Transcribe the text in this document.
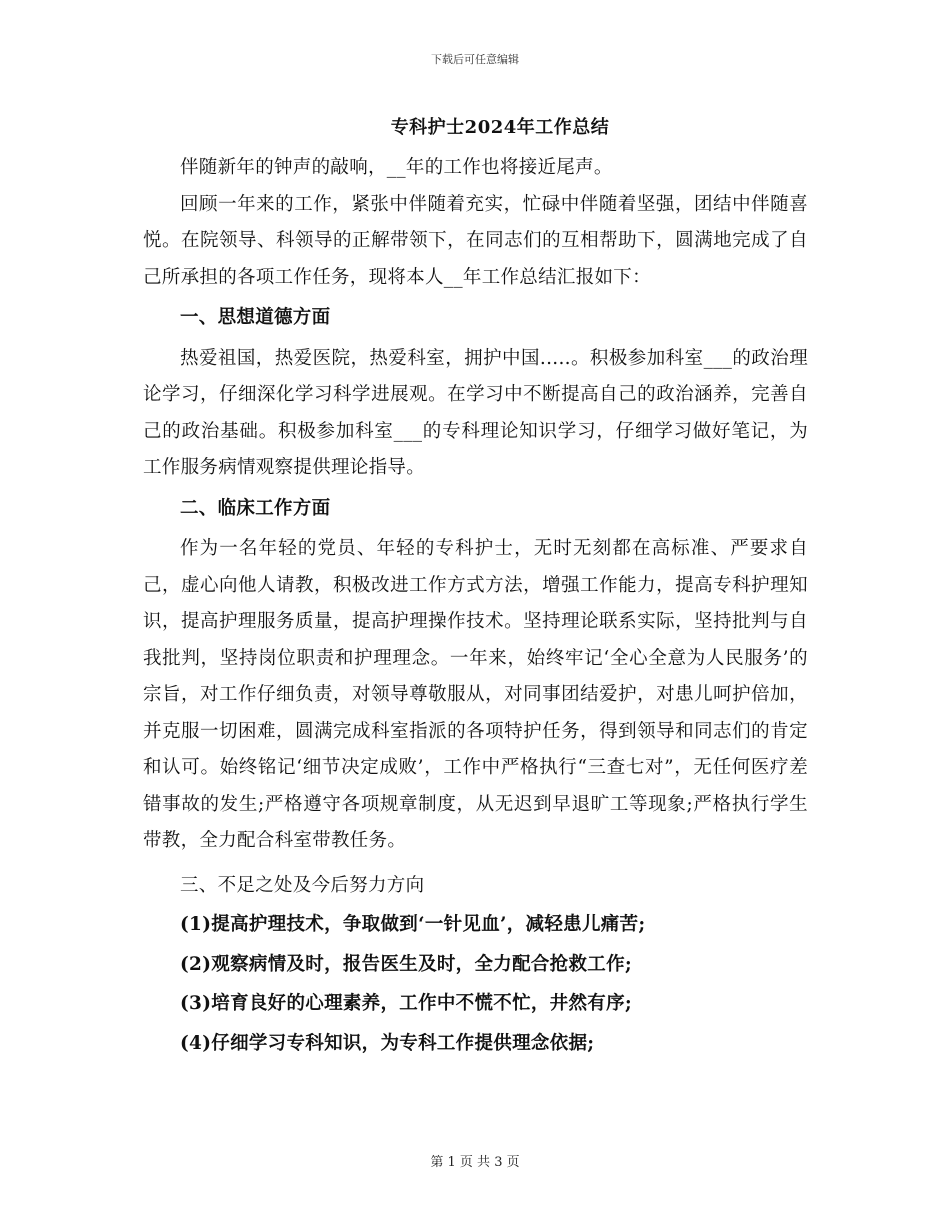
下载后可任意编辑
专科护士2024年工作总结

伴随新年的钟声的敲响，__年的工作也将接近尾声。

回顾一年来的工作，紧张中伴随着充实，忙碌中伴随着坚强，团结中伴随喜悦。在院领导、科领导的正解带领下，在同志们的互相帮助下，圆满地完成了自己所承担的各项工作任务，现将本人__年工作总结汇报如下：

一、思想道德方面

热爱祖国，热爱医院，热爱科室，拥护中国.....。积极参加科室___的政治理论学习，仔细深化学习科学进展观。在学习中不断提高自己的政治涵养，完善自己的政治基础。积极参加科室___的专科理论知识学习，仔细学习做好笔记，为工作服务病情观察提供理论指导。

二、临床工作方面

作为一名年轻的党员、年轻的专科护士，无时无刻都在高标准、严要求自己，虚心向他人请教，积极改进工作方式方法，增强工作能力，提高专科护理知识，提高护理服务质量，提高护理操作技术。坚持理论联系实际，坚持批判与自我批判，坚持岗位职责和护理理念。一年来，始终牢记‘全心全意为人民服务’的宗旨，对工作仔细负责，对领导尊敬服从，对同事团结爱护，对患儿呵护倍加，并克服一切困难，圆满完成科室指派的各项特护任务，得到领导和同志们的肯定和认可。始终铭记‘细节决定成败’，工作中严格执行“三查七对”，无任何医疗差错事故的发生;严格遵守各项规章制度，从无迟到早退旷工等现象;严格执行学生带教，全力配合科室带教任务。

三、不足之处及今后努力方向

(1)提高护理技术，争取做到‘一针见血’，减轻患儿痛苦;

(2)观察病情及时，报告医生及时，全力配合抢救工作;

(3)培育良好的心理素养，工作中不慌不忙，井然有序;

(4)仔细学习专科知识，为专科工作提供理念依据;

第 1 页 共 3 页
